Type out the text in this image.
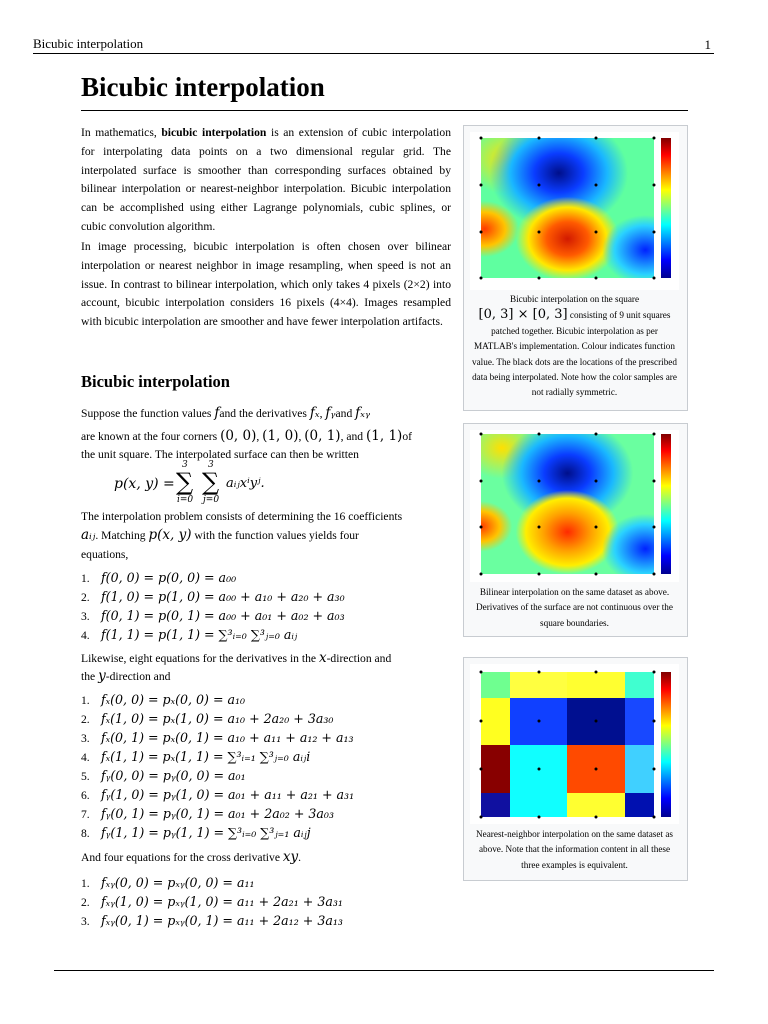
Bicubic interpolation	1
Bicubic interpolation

In mathematics, bicubic interpolation is an extension of cubic interpolation for interpolating data points on a two dimensional regular grid. The interpolated surface is smoother than corresponding surfaces obtained by bilinear interpolation or nearest-neighbor interpolation. Bicubic interpolation can be accomplished using either Lagrange polynomials, cubic splines, or cubic convolution algorithm.

In image processing, bicubic interpolation is often chosen over bilinear interpolation or nearest neighbor in image resampling, when speed is not an issue. In contrast to bilinear interpolation, which only takes 4 pixels (2×2) into account, bicubic interpolation considers 16 pixels (4×4). Images resampled with bicubic interpolation are smoother and have fewer interpolation artifacts.

Bicubic interpolation
Suppose the function values fand the derivatives fₓ, fᵧand fₓᵧ
are known at the four corners (0, 0), (1, 0), (0, 1), and (1, 1)of
the unit square. The interpolated surface can then be written
p(x, y) =
3
∑
i=0
3
∑
j=0
aᵢⱼxⁱyʲ.
The interpolation problem consists of determining the 16 coefficients
aᵢⱼ. Matching p(x, y) with the function values yields four
equations,
1. f(0, 0) = p(0, 0) = a₀₀
2. f(1, 0) = p(1, 0) = a₀₀ + a₁₀ + a₂₀ + a₃₀
3. f(0, 1) = p(0, 1) = a₀₀ + a₀₁ + a₀₂ + a₀₃
4. f(1, 1) = p(1, 1) = ∑³ᵢ₌₀ ∑³ⱼ₌₀ aᵢⱼ
Likewise, eight equations for the derivatives in the x-direction and
the y-direction and
1. fₓ(0, 0) = pₓ(0, 0) = a₁₀
2. fₓ(1, 0) = pₓ(1, 0) = a₁₀ + 2a₂₀ + 3a₃₀
3. fₓ(0, 1) = pₓ(0, 1) = a₁₀ + a₁₁ + a₁₂ + a₁₃
4. fₓ(1, 1) = pₓ(1, 1) = ∑³ᵢ₌₁ ∑³ⱼ₌₀ aᵢⱼi
5. fᵧ(0, 0) = pᵧ(0, 0) = a₀₁
6. fᵧ(1, 0) = pᵧ(1, 0) = a₀₁ + a₁₁ + a₂₁ + a₃₁
7. fᵧ(0, 1) = pᵧ(0, 1) = a₀₁ + 2a₀₂ + 3a₀₃
8. fᵧ(1, 1) = pᵧ(1, 1) = ∑³ᵢ₌₀ ∑³ⱼ₌₁ aᵢⱼj
And four equations for the cross derivative xy.
1. fₓᵧ(0, 0) = pₓᵧ(0, 0) = a₁₁
2. fₓᵧ(1, 0) = pₓᵧ(1, 0) = a₁₁ + 2a₂₁ + 3a₃₁
3. fₓᵧ(0, 1) = pₓᵧ(0, 1) = a₁₁ + 2a₁₂ + 3a₁₃
Bicubic interpolation on the square
[0, 3] × [0, 3] consisting of 9 unit squares patched together. Bicubic interpolation as per MATLAB's implementation. Colour indicates function value. The black dots are the locations of the prescribed data being interpolated. Note how the color samples are not radially symmetric.
Bilinear interpolation on the same dataset as above. Derivatives of the surface are not continuous over the square boundaries.
Nearest-neighbor interpolation on the same dataset as above. Note that the information content in all these three examples is equivalent.
